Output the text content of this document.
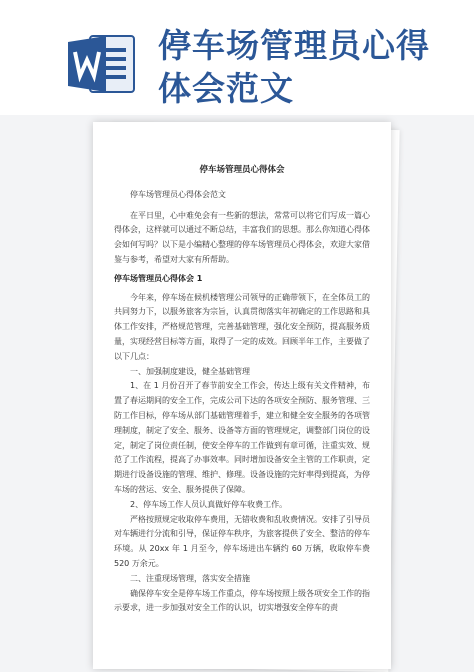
停车场管理员心得
体会范文
停车场管理员心得体会

停车场管理员心得体会范文

在平日里，心中难免会有一些新的想法，常常可以将它们写成一篇心得体会，这样就可以通过不断总结，丰富我们的思想。那么你知道心得体会如何写吗？以下是小编精心整理的停车场管理员心得体会，欢迎大家借鉴与参考，希望对大家有所帮助。

停车场管理员心得体会 1

今年来，停车场在候机楼管理公司领导的正确带领下，在全体员工的共同努力下，以服务旅客为宗旨，认真贯彻落实年初确定的工作思路和具体工作安排，严格规范管理，完善基础管理，强化安全预防，提高服务质量，实现经营目标等方面，取得了一定的成效。回顾半年工作，主要做了以下几点：

一、加强制度建设，健全基础管理

1、在 1 月份召开了春节前安全工作会，传达上级有关文件精神，布置了春运期间的安全工作，完成公司下达的各项安全预防、服务管理、三防工作目标，停车场从部门基础管理着手，建立和健全安全服务的各项管理制度，制定了安全、服务、设备等方面的管理规定，调整部门岗位的设定，制定了岗位责任制，使安全停车的工作做到有章可循，注重实效、规范了工作流程，提高了办事效率。同时增加设备安全主管的工作职责，定期进行设备设施的管理、维护、修理。设备设施的完好率得到提高，为停车场的营运、安全、服务提供了保障。

2、停车场工作人员认真做好停车收费工作。

严格按照规定收取停车费用，无错收费和乱收费情况。安排了引导员对车辆进行分流和引导，保证停车秩序，为旅客提供了安全、整洁的停车环境。从 20xx 年 1 月至今，停车场进出车辆约 60 万辆，收取停车费 520 万余元。

二、注重现场管理，落实安全措施

确保停车安全是停车场工作重点，停车场按照上级各项安全工作的指示要求，进一步加强对安全工作的认识，切实增强安全停车的责
